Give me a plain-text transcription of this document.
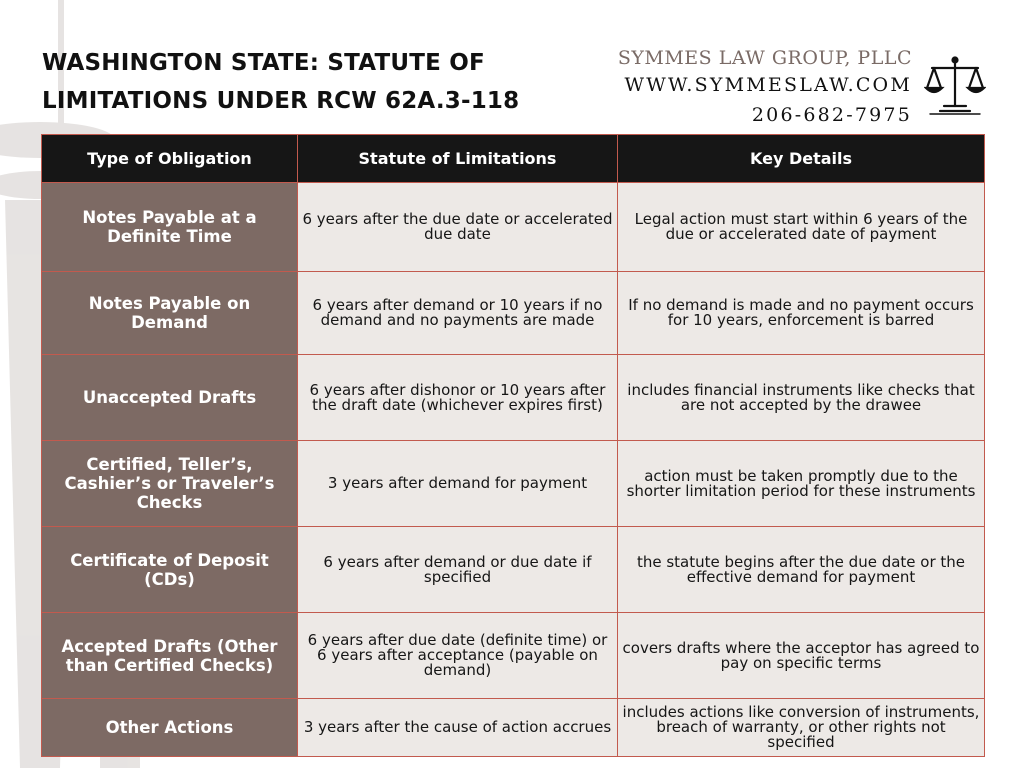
WASHINGTON STATE: STATUTE OF
LIMITATIONS UNDER RCW 62A.3-118
SYMMES LAW GROUP, PLLC
WWW.SYMMESLAW.COM
206-682-7975
Type of Obligation	Statute of Limitations	Key Details
Notes Payable at a Definite Time	6 years after the due date or accelerated due date	Legal action must start within 6 years of the due or accelerated date of payment
Notes Payable on Demand	6 years after demand or 10 years if no demand and no payments are made	If no demand is made and no payment occurs for 10 years, enforcement is barred
Unaccepted Drafts	6 years after dishonor or 10 years after the draft date (whichever expires first)	includes financial instruments like checks that are not accepted by the drawee
Certified, Teller’s, Cashier’s or Traveler’s Checks	3 years after demand for payment	action must be taken promptly due to the shorter limitation period for these instruments
Certificate of Deposit (CDs)	6 years after demand or due date if specified	the statute begins after the due date or the effective demand for payment
Accepted Drafts (Other than Certified Checks)	6 years after due date (definite time) or 6 years after acceptance (payable on demand)	covers drafts where the acceptor has agreed to pay on specific terms
Other Actions	3 years after the cause of action accrues	includes actions like conversion of instruments, breach of warranty, or other rights not specified
